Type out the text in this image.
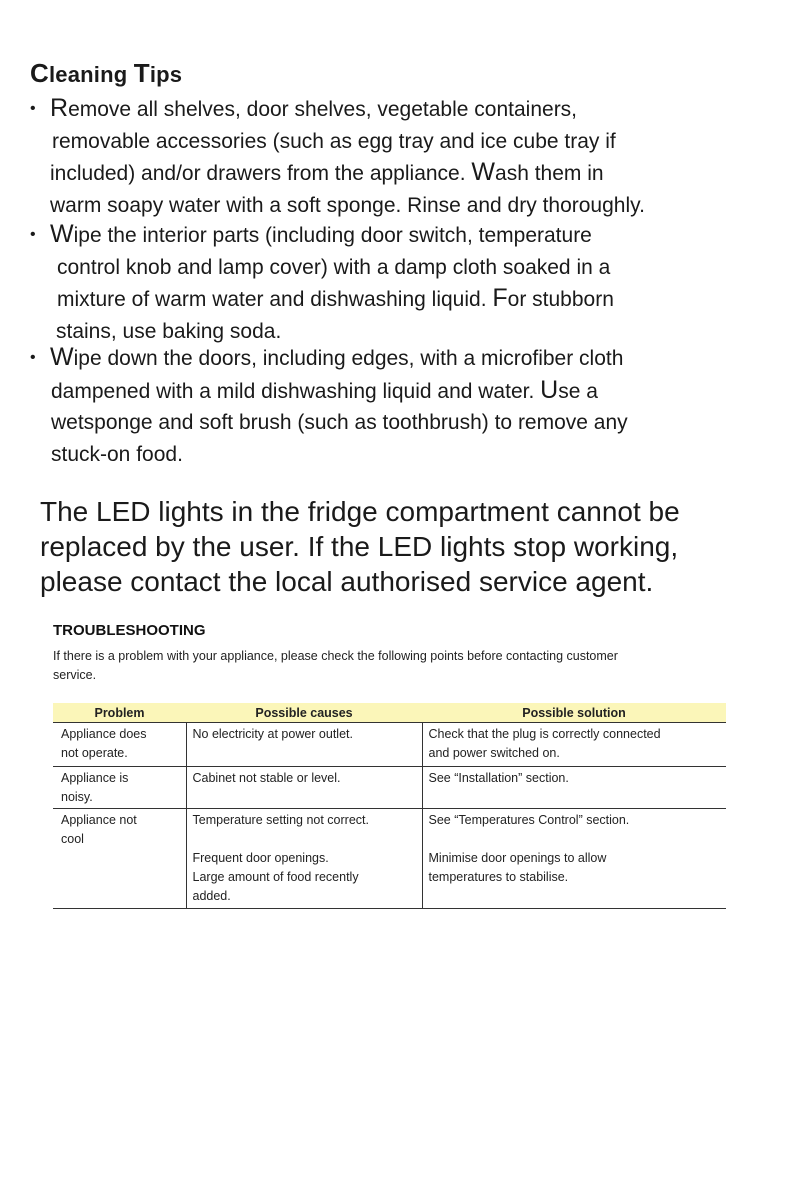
Cleaning Tips
• Remove all shelves, door shelves, vegetable containers,
removable accessories (such as egg tray and ice cube tray if
included) and/or drawers from the appliance. Wash them in
warm soapy water with a soft sponge. Rinse and dry thoroughly.
• Wipe the interior parts (including door switch, temperature
control knob and lamp cover) with a damp cloth soaked in a
mixture of warm water and dishwashing liquid. For stubborn
stains, use baking soda.
• Wipe down the doors, including edges, with a microfiber cloth
dampened with a mild dishwashing liquid and water. Use a
wetsponge and soft brush (such as toothbrush) to remove any
stuck-on food.
The LED lights in the fridge compartment cannot be
replaced by the user. If the LED lights stop working,
please contact the local authorised service agent.
TROUBLESHOOTING
If there is a problem with your appliance, please check the following points before contacting customer
service.
Problem	Possible causes	Possible solution

Appliance does
not operate.	No electricity at power outlet.	Check that the plug is correctly connected
and power switched on.

Appliance is
noisy.	Cabinet not stable or level.	See “Installation” section.

Appliance not
cool	Temperature setting not correct.
Frequent door openings.
Large amount of food recently
added.	See “Temperatures Control” section.
Minimise door openings to allow
temperatures to stabilise.
